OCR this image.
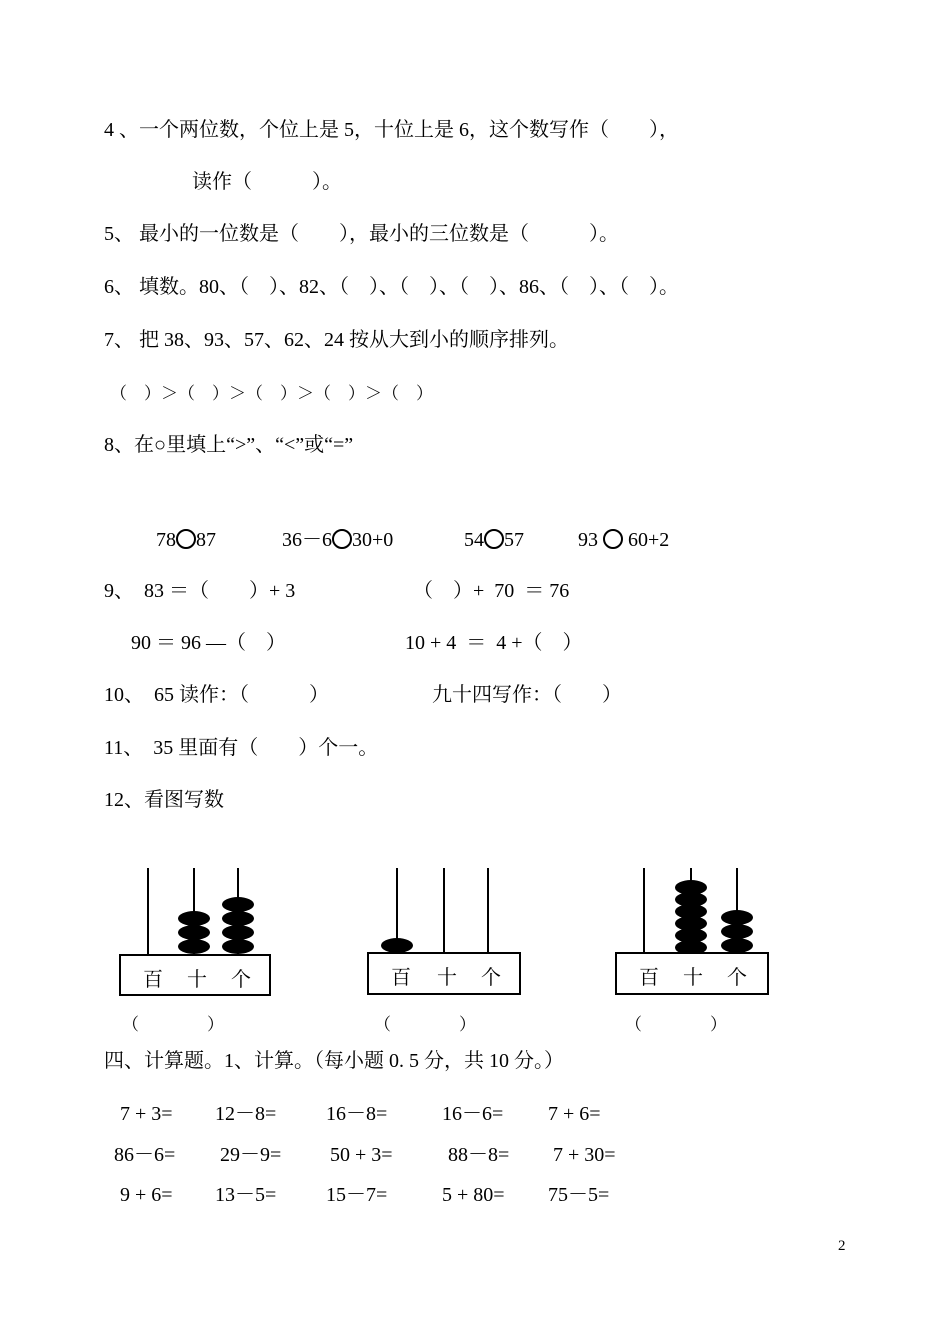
4 、一个两位数，个位上是 5，十位上是 6，这个数写作（　　），
读作（　　　）。
5、 最小的一位数是（　　），最小的三位数是（　　　）。
6、 填数。80、（　）、82、（　）、（　）、（　）、86、（　）、（　）。
7、 把 38、93、57、62、24 按从大到小的顺序排列。
（　）＞（　）＞（　）＞（　）＞（　）
8、在○里填上“>”、“<”或“=”

78 87
	36－6 30+0
	54 57
	93 60+2

9、  83 ＝（　　）+ 3	（　）+  70  ＝ 76
90 ＝ 96 —（　）	10 + 4  ＝  4 +（　）
10、  65 读作：（　　　）	九十四写作：（　　）
11、  35 里面有（　　）个一。
12、看图写数
百 十 个
（　　　　）
百 十 个
（　　　　）
百 十 个
（　　　　）
四、计算题。1、计算。（每小题 0. 5 分，共 10 分。）
7 + 3= 12－8= 16－8=	16－6= 7 + 6=
86－6= 29－9= 50 + 3=	88－8= 7 + 30=
9 + 6= 13－5= 15－7=	5 + 80= 75－5=
2
